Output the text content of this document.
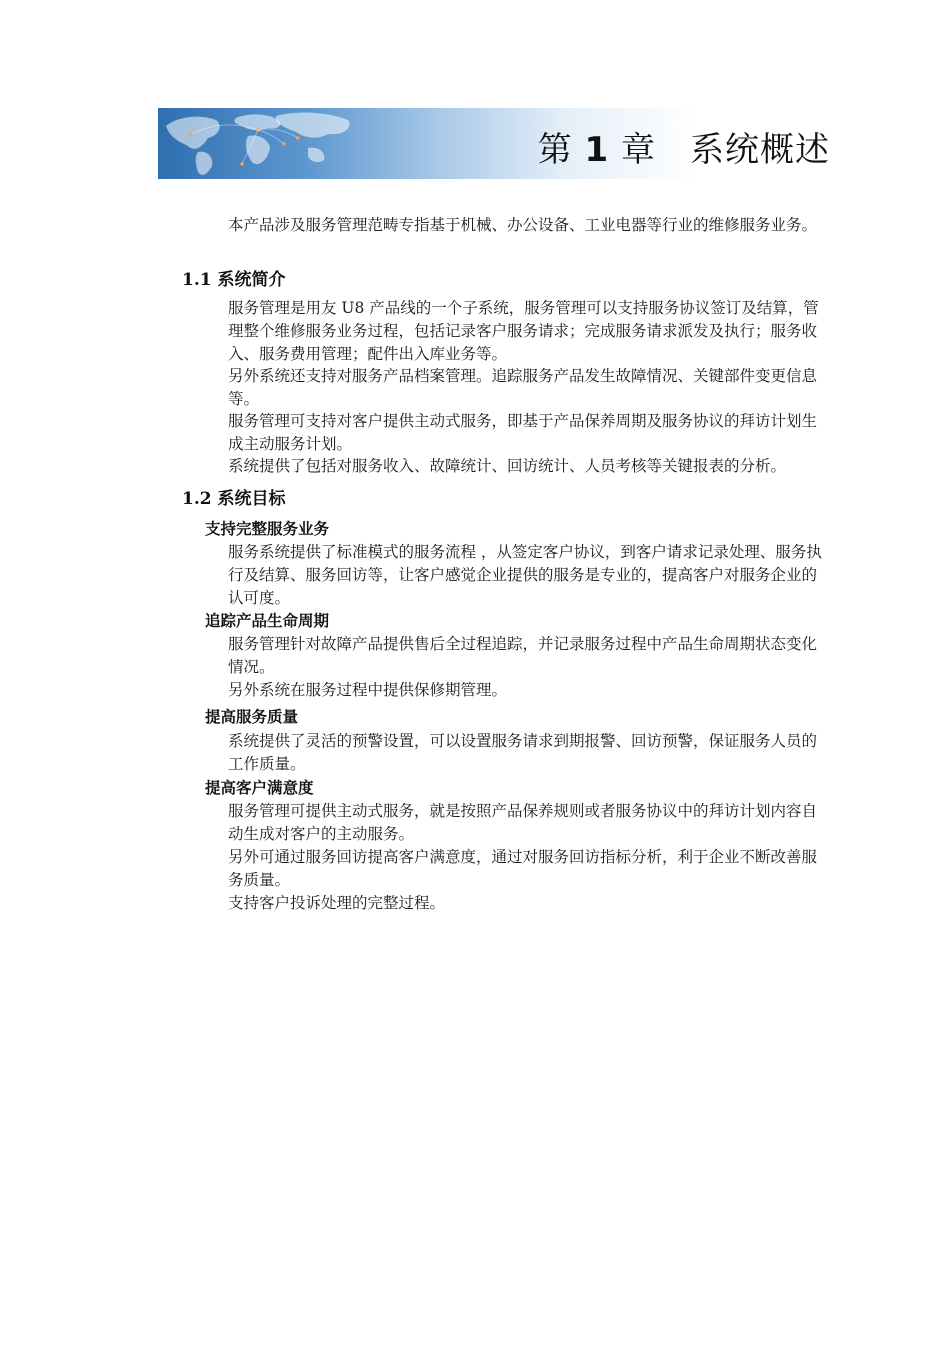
第 1 章 系统概述

本产品涉及服务管理范畴专指基于机械、办公设备、工业电器等行业的维修服务业务。

1.1 系统简介

服务管理是用友 U8 产品线的一个子系统，服务管理可以支持服务协议签订及结算，管理整个维修服务业务过程，包括记录客户服务请求；完成服务请求派发及执行；服务收入、服务费用管理；配件出入库业务等。

另外系统还支持对服务产品档案管理。追踪服务产品发生故障情况、关键部件变更信息等。

服务管理可支持对客户提供主动式服务，即基于产品保养周期及服务协议的拜访计划生成主动服务计划。

系统提供了包括对服务收入、故障统计、回访统计、人员考核等关键报表的分析。

1.2 系统目标
支持完整服务业务

服务系统提供了标准模式的服务流程 ，从签定客户协议，到客户请求记录处理、服务执行及结算、服务回访等，让客户感觉企业提供的服务是专业的，提高客户对服务企业的认可度。

追踪产品生命周期

服务管理针对故障产品提供售后全过程追踪，并记录服务过程中产品生命周期状态变化情况。

另外系统在服务过程中提供保修期管理。

提高服务质量

系统提供了灵活的预警设置，可以设置服务请求到期报警、回访预警，保证服务人员的工作质量。

提高客户满意度

服务管理可提供主动式服务，就是按照产品保养规则或者服务协议中的拜访计划内容自动生成对客户的主动服务。

另外可通过服务回访提高客户满意度，通过对服务回访指标分析，利于企业不断改善服务质量。

支持客户投诉处理的完整过程。
